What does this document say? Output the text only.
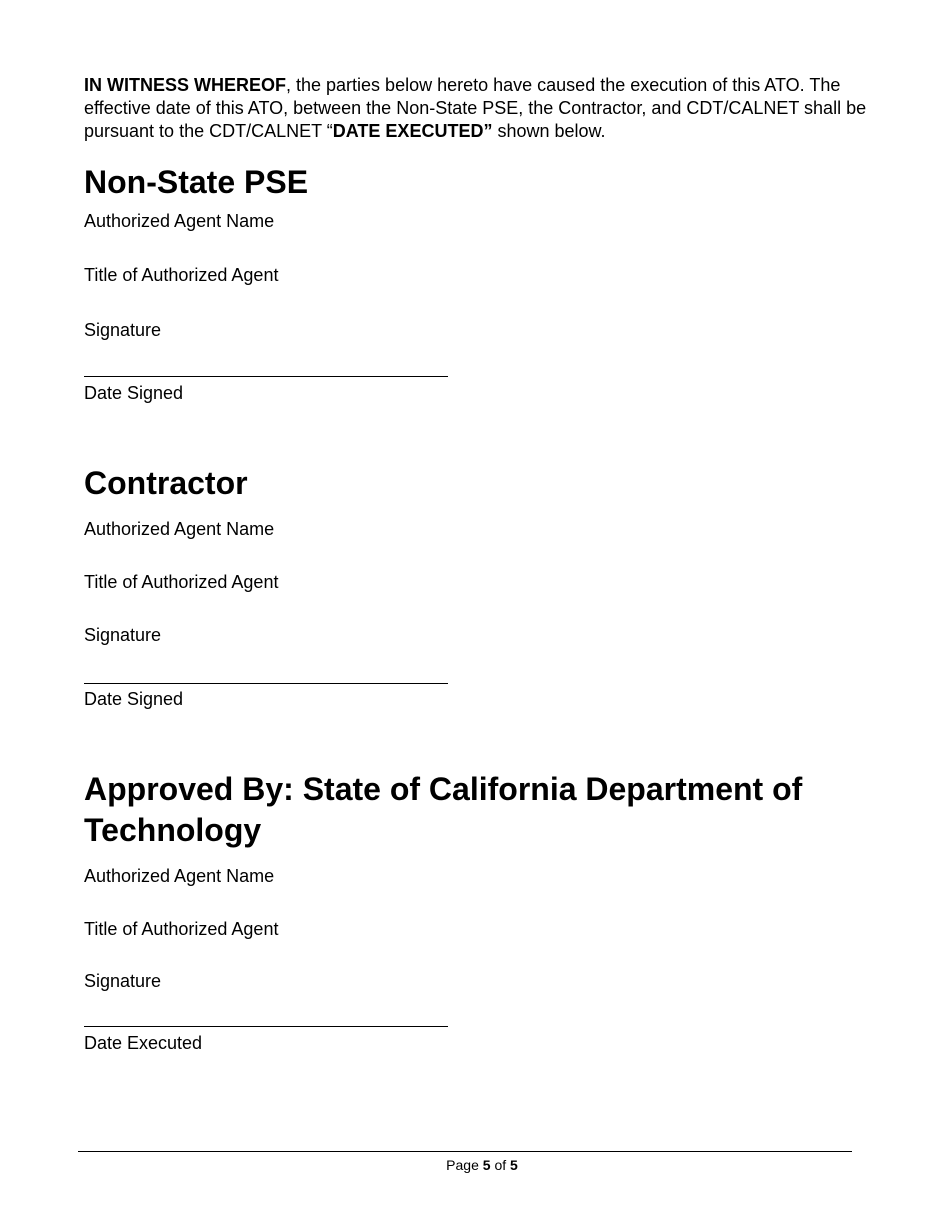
IN WITNESS WHEREOF, the parties below hereto have caused the execution of this ATO. The effective date of this ATO, between the Non-State PSE, the Contractor, and CDT/CALNET shall be pursuant to the CDT/CALNET “DATE EXECUTED” shown below.
Non-State PSE
Authorized Agent Name
Title of Authorized Agent
Signature
Date Signed
Contractor
Authorized Agent Name
Title of Authorized Agent
Signature
Date Signed
Approved By: State of California Department of Technology
Authorized Agent Name
Title of Authorized Agent
Signature
Date Executed
Page 5 of 5
